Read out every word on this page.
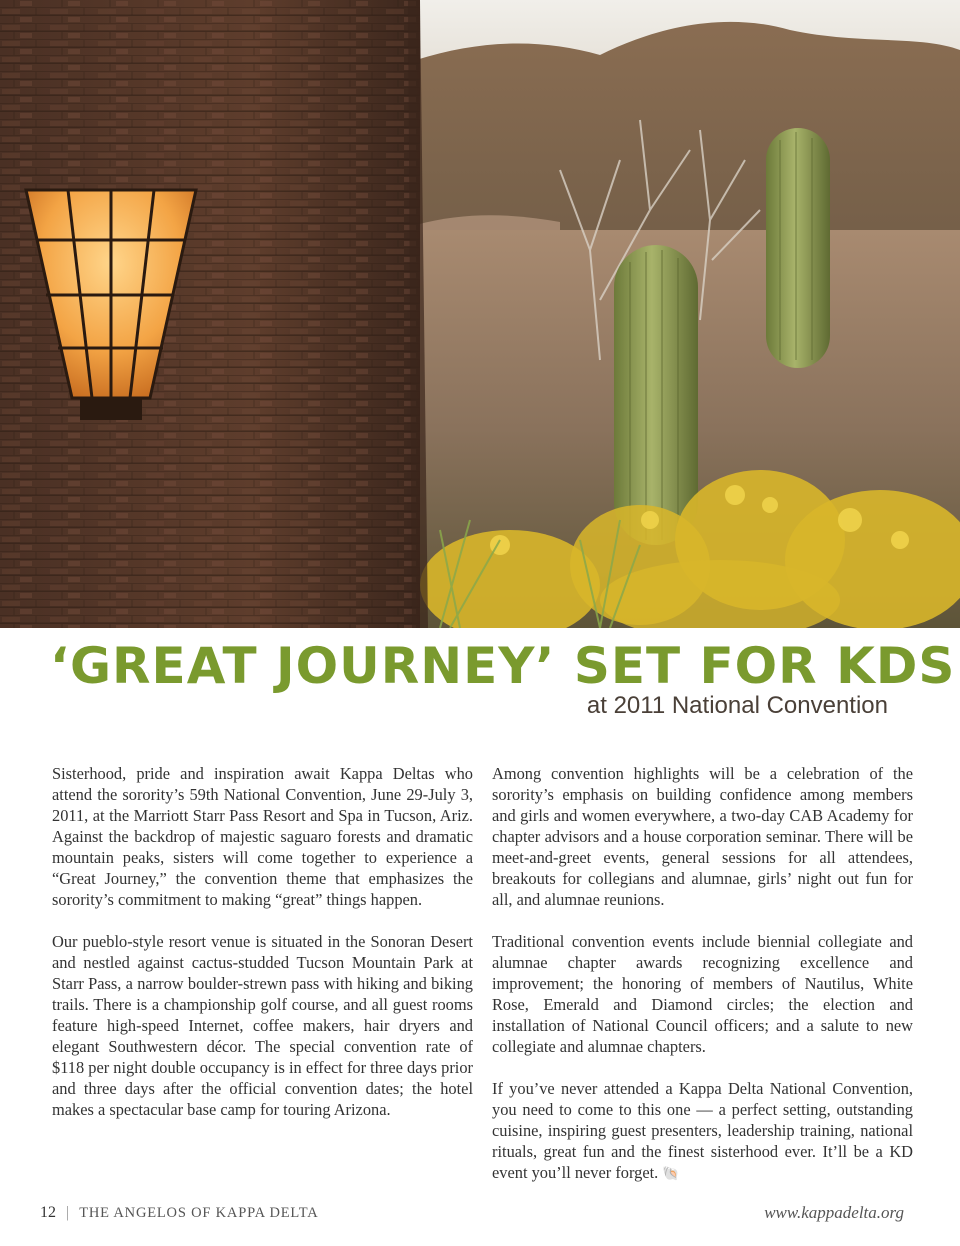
‘GREAT JOURNEY’ SET FOR KDS
at 2011 National Convention

Sisterhood, pride and inspiration await Kappa Deltas who attend the sorority’s 59th National Convention, June 29-July 3, 2011, at the Marriott Starr Pass Resort and Spa in Tucson, Ariz. Against the backdrop of majestic saguaro forests and dramatic mountain peaks, sisters will come together to experience a “Great Journey,” the convention theme that emphasizes the sorority’s commitment to making “great” things happen.

Our pueblo-style resort venue is situated in the Sonoran Desert and nestled against cactus-studded Tucson Mountain Park at Starr Pass, a narrow boulder-strewn pass with hiking and biking trails. There is a championship golf course, and all guest rooms feature high-speed Internet, coffee makers, hair dryers and elegant Southwestern décor. The special convention rate of $118 per night double occupancy is in effect for three days prior and three days after the official convention dates; the hotel makes a spectacular base camp for touring Arizona.

Among convention highlights will be a celebration of the sorority’s emphasis on building confidence among members and girls and women everywhere, a two-day CAB Academy for chapter advisors and a house corporation seminar. There will be meet-and-greet events, general sessions for all attendees, breakouts for collegians and alumnae, girls’ night out fun for all, and alumnae reunions.

Traditional convention events include biennial collegiate and alumnae chapter awards recognizing excellence and improvement; the honoring of members of Nautilus, White Rose, Emerald and Diamond circles; the election and installation of National Council officers; and a salute to new collegiate and alumnae chapters.

If you’ve never attended a Kappa Delta National Convention, you need to come to this one — a perfect setting, outstanding cuisine, inspiring guest presenters, leadership training, national rituals, great fun and the finest sisterhood ever. It’ll be a KD event you’ll never forget. 🐚

12 | THE ANGELOS OF KAPPA DELTA	www.kappadelta.org
